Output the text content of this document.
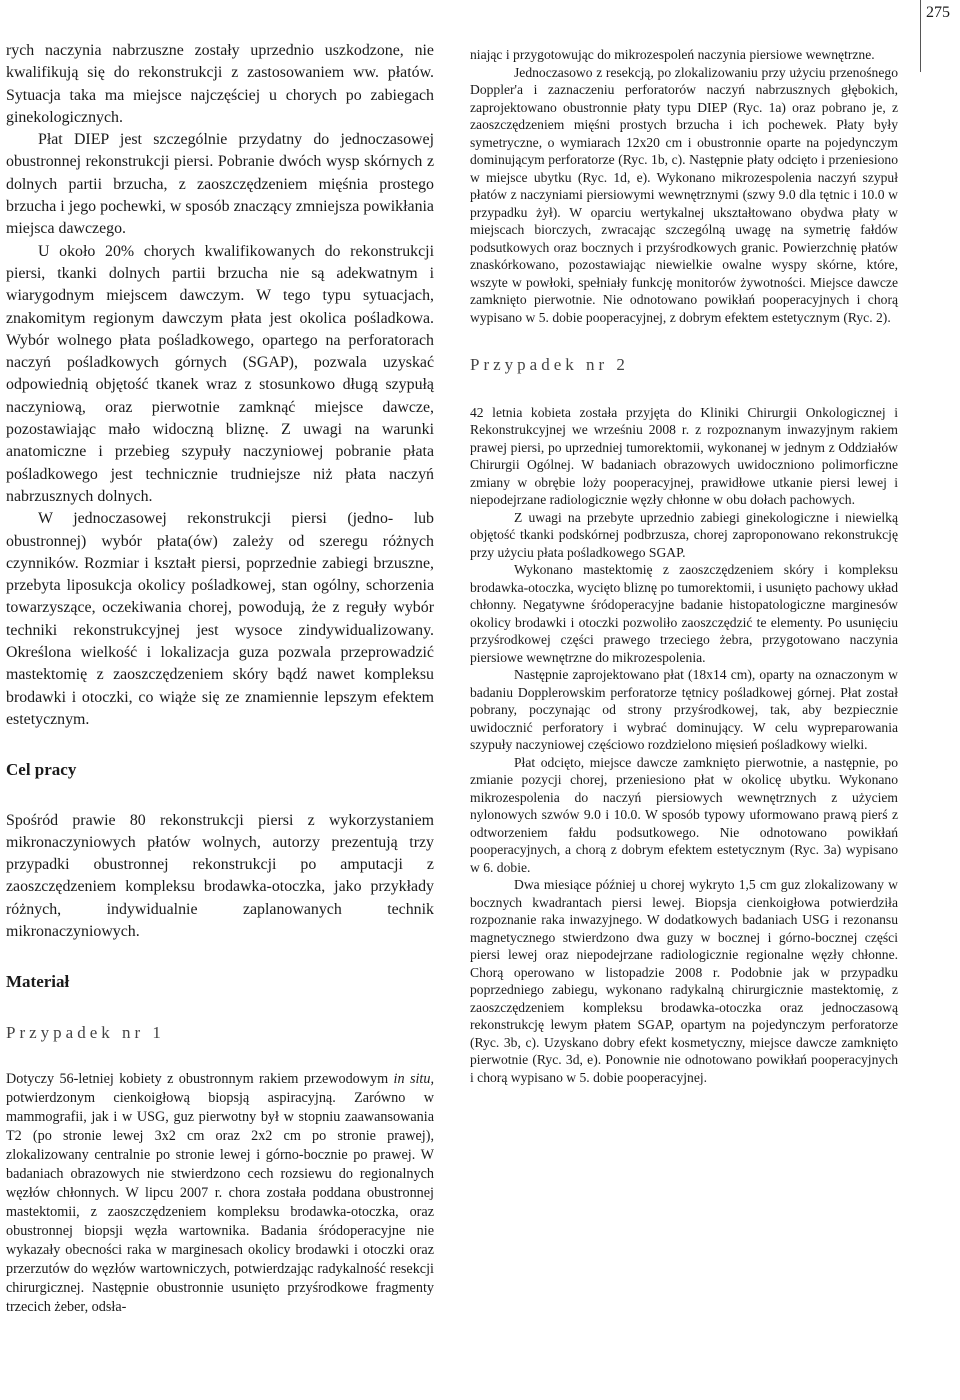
275

rych naczynia nabrzuszne zostały uprzednio uszkodzone, nie kwalifikują się do rekonstrukcji z zastosowaniem ww. płatów. Sytuacja taka ma miejsce najczęściej u chorych po zabiegach ginekologicznych.

Płat DIEP jest szczególnie przydatny do jednoczasowej obustronnej rekonstrukcji piersi. Pobranie dwóch wysp skórnych z dolnych partii brzucha, z zaoszczędzeniem mięśnia prostego brzucha i jego pochewki, w sposób znaczący zmniejsza powikłania miejsca dawczego.

U około 20% chorych kwalifikowanych do rekonstrukcji piersi, tkanki dolnych partii brzucha nie są adekwatnym i wiarygodnym miejscem dawczym. W tego typu sytuacjach, znakomitym regionym dawczym płata jest okolica pośladkowa. Wybór wolnego płata pośladkowego, opartego na perforatorach naczyń pośladkowych górnych (SGAP), pozwala uzyskać odpowiednią objętość tkanek wraz z stosunkowo długą szypułą naczyniową, oraz pierwotnie zamknąć miejsce dawcze, pozostawiając mało widoczną bliznę. Z uwagi na warunki anatomiczne i przebieg szypuły naczyniowej pobranie płata pośladkowego jest technicznie trudniejsze niż płata naczyń nabrzusznych dolnych.

W jednoczasowej rekonstrukcji piersi (jedno- lub obustronnej) wybór płata(ów) zależy od szeregu różnych czynników. Rozmiar i kształt piersi, poprzednie zabiegi brzuszne, przebyta liposukcja okolicy pośladkowej, stan ogólny, schorzenia towarzyszące, oczekiwania chorej, powodują, że z reguły wybór techniki rekonstrukcyjnej jest wysoce zindywidualizowany. Określona wielkość i lokalizacja guza pozwala przeprowadzić mastektomię z zaoszczędzeniem skóry bądź nawet kompleksu brodawki i otoczki, co wiąże się ze znamiennie lepszym efektem estetycznym.

Cel pracy

Spośród prawie 80 rekonstrukcji piersi z wykorzystaniem mikronaczyniowych płatów wolnych, autorzy prezentują trzy przypadki obustronnej rekonstrukcji po amputacji z zaoszczędzeniem kompleksu brodawka-otoczka, jako przykłady różnych, indywidualnie zaplanowanych technik mikronaczyniowych.

Materiał
Przypadek nr 1

Dotyczy 56-letniej kobiety z obustronnym rakiem przewodowym in situ, potwierdzonym cienkoigłową biopsją aspiracyjną. Zarówno w mammografii, jak i w USG, guz pierwotny był w stopniu zaawansowania T2 (po stronie lewej 3x2 cm oraz 2x2 cm po stronie prawej), zlokalizowany centralnie po stronie lewej i górno-bocznie po prawej. W badaniach obrazowych nie stwierdzono cech rozsiewu do regionalnych węzłów chłonnych. W lipcu 2007 r. chora została poddana obustronnej mastektomii, z zaoszczędzeniem kompleksu brodawka-otoczka, oraz obustronnej biopsji węzła wartownika. Badania śródoperacyjne nie wykazały obecności raka w marginesach okolicy brodawki i otoczki oraz przerzutów do węzłów wartowniczych, potwierdzając radykalność resekcji chirurgicznej. Następnie obustronnie usunięto przyśrodkowe fragmenty trzecich żeber, odsła-

niając i przygotowując do mikrozespoleń naczynia piersiowe wewnętrzne.

Jednoczasowo z resekcją, po zlokalizowaniu przy użyciu przenośnego Doppler'a i zaznaczeniu perforatorów naczyń nabrzusznych głębokich, zaprojektowano obustronnie płaty typu DIEP (Ryc. 1a) oraz pobrano je, z zaoszczędzeniem mięśni prostych brzucha i ich pochewek. Płaty były symetryczne, o wymiarach 12x20 cm i obustronnie oparte na pojedynczym dominującym perforatorze (Ryc. 1b, c). Następnie płaty odcięto i przeniesiono w miejsce ubytku (Ryc. 1d, e). Wykonano mikrozespolenia naczyń szypuł płatów z naczyniami piersiowymi wewnętrznymi (szwy 9.0 dla tętnic i 10.0 w przypadku żył). W oparciu wertykalnej ukształtowano obydwa płaty w miejscach biorczych, zwracając szczególną uwagę na symetrię fałdów podsutkowych oraz bocznych i przyśrodkowych granic. Powierzchnię płatów znaskórkowano, pozostawiając niewielkie owalne wyspy skórne, które, wszyte w powłoki, spełniały funkcję monitorów żywotności. Miejsce dawcze zamknięto pierwotnie. Nie odnotowano powikłań pooperacyjnych i chorą wypisano w 5. dobie pooperacyjnej, z dobrym efektem estetycznym (Ryc. 2).

Przypadek nr 2

42 letnia kobieta została przyjęta do Kliniki Chirurgii Onkologicznej i Rekonstrukcyjnej we wrześniu 2008 r. z rozpoznanym inwazyjnym rakiem prawej piersi, po uprzedniej tumorektomii, wykonanej w jednym z Oddziałów Chirurgii Ogólnej. W badaniach obrazowych uwidoczniono polimorficzne zmiany w obrębie loży pooperacyjnej, prawidłowe utkanie piersi lewej i niepodejrzane radiologicznie węzły chłonne w obu dołach pachowych.

Z uwagi na przebyte uprzednio zabiegi ginekologiczne i niewielką objętość tkanki podskórnej podbrzusza, chorej zaproponowano rekonstrukcję przy użyciu płata pośladkowego SGAP.

Wykonano mastektomię z zaoszczędzeniem skóry i kompleksu brodawka-otoczka, wycięto bliznę po tumorektomii, i usunięto pachowy układ chłonny. Negatywne śródoperacyjne badanie histopatologiczne marginesów okolicy brodawki i otoczki pozwoliło zaoszczędzić te elementy. Po usunięciu przyśrodkowej części prawego trzeciego żebra, przygotowano naczynia piersiowe wewnętrzne do mikrozespolenia.

Następnie zaprojektowano płat (18x14 cm), oparty na oznaczonym w badaniu Dopplerowskim perforatorze tętnicy pośladkowej górnej. Płat został pobrany, poczynając od strony przyśrodkowej, tak, aby bezpiecznie uwidocznić perforatory i wybrać dominujący. W celu wypreparowania szypuły naczyniowej częściowo rozdzielono mięsień pośladkowy wielki.

Płat odcięto, miejsce dawcze zamknięto pierwotnie, a następnie, po zmianie pozycji chorej, przeniesiono płat w okolicę ubytku. Wykonano mikrozespolenia do naczyń piersiowych wewnętrznych z użyciem nylonowych szwów 9.0 i 10.0. W sposób typowy uformowano prawą pierś z odtworzeniem fałdu podsutkowego. Nie odnotowano powikłań pooperacyjnych, a chorą z dobrym efektem estetycznym (Ryc. 3a) wypisano w 6. dobie.

Dwa miesiące później u chorej wykryto 1,5 cm guz zlokalizowany w bocznych kwadrantach piersi lewej. Biopsja cienkoigłowa potwierdziła rozpoznanie raka inwazyjnego. W dodatkowych badaniach USG i rezonansu magnetycznego stwierdzono dwa guzy w bocznej i górno-bocznej części piersi lewej oraz niepodejrzane radiologicznie regionalne węzły chłonne. Chorą operowano w listopadzie 2008 r. Podobnie jak w przypadku poprzedniego zabiegu, wykonano radykalną chirurgicznie mastektomię, z zaoszczędzeniem kompleksu brodawka-otoczka oraz jednoczasową rekonstrukcję lewym płatem SGAP, opartym na pojedynczym perforatorze (Ryc. 3b, c). Uzyskano dobry efekt kosmetyczny, miejsce dawcze zamknięto pierwotnie (Ryc. 3d, e). Ponownie nie odnotowano powikłań pooperacyjnych i chorą wypisano w 5. dobie pooperacyjnej.
